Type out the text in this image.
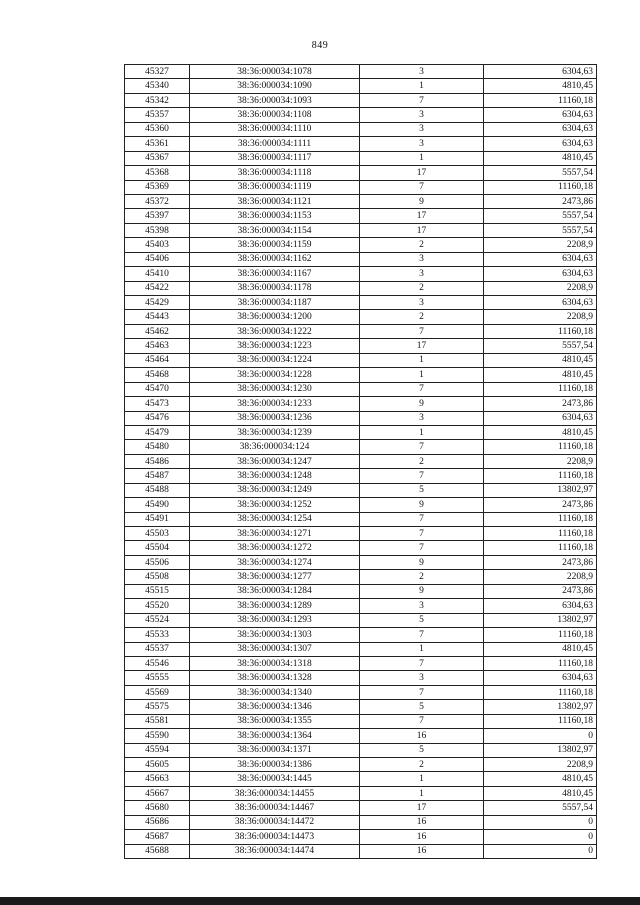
849
45327	38:36:000034:1078	3	6304,63
45340	38:36:000034:1090	1	4810,45
45342	38:36:000034:1093	7	11160,18
45357	38:36:000034:1108	3	6304,63
45360	38:36:000034:1110	3	6304,63
45361	38:36:000034:1111	3	6304,63
45367	38:36:000034:1117	1	4810,45
45368	38:36:000034:1118	17	5557,54
45369	38:36:000034:1119	7	11160,18
45372	38:36:000034:1121	9	2473,86
45397	38:36:000034:1153	17	5557,54
45398	38:36:000034:1154	17	5557,54
45403	38:36:000034:1159	2	2208,9
45406	38:36:000034:1162	3	6304,63
45410	38:36:000034:1167	3	6304,63
45422	38:36:000034:1178	2	2208,9
45429	38:36:000034:1187	3	6304,63
45443	38:36:000034:1200	2	2208,9
45462	38:36:000034:1222	7	11160,18
45463	38:36:000034:1223	17	5557,54
45464	38:36:000034:1224	1	4810,45
45468	38:36:000034:1228	1	4810,45
45470	38:36:000034:1230	7	11160,18
45473	38:36:000034:1233	9	2473,86
45476	38:36:000034:1236	3	6304,63
45479	38:36:000034:1239	1	4810,45
45480	38:36:000034:124	7	11160,18
45486	38:36:000034:1247	2	2208,9
45487	38:36:000034:1248	7	11160,18
45488	38:36:000034:1249	5	13802,97
45490	38:36:000034:1252	9	2473,86
45491	38:36:000034:1254	7	11160,18
45503	38:36:000034:1271	7	11160,18
45504	38:36:000034:1272	7	11160,18
45506	38:36:000034:1274	9	2473,86
45508	38:36:000034:1277	2	2208,9
45515	38:36:000034:1284	9	2473,86
45520	38:36:000034:1289	3	6304,63
45524	38:36:000034:1293	5	13802,97
45533	38:36:000034:1303	7	11160,18
45537	38:36:000034:1307	1	4810,45
45546	38:36:000034:1318	7	11160,18
45555	38:36:000034:1328	3	6304,63
45569	38:36:000034:1340	7	11160,18
45575	38:36:000034:1346	5	13802,97
45581	38:36:000034:1355	7	11160,18
45590	38:36:000034:1364	16	0
45594	38:36:000034:1371	5	13802,97
45605	38:36:000034:1386	2	2208,9
45663	38:36:000034:1445	1	4810,45
45667	38:36:000034:14455	1	4810,45
45680	38:36:000034:14467	17	5557,54
45686	38:36:000034:14472	16	0
45687	38:36:000034:14473	16	0
45688	38:36:000034:14474	16	0
